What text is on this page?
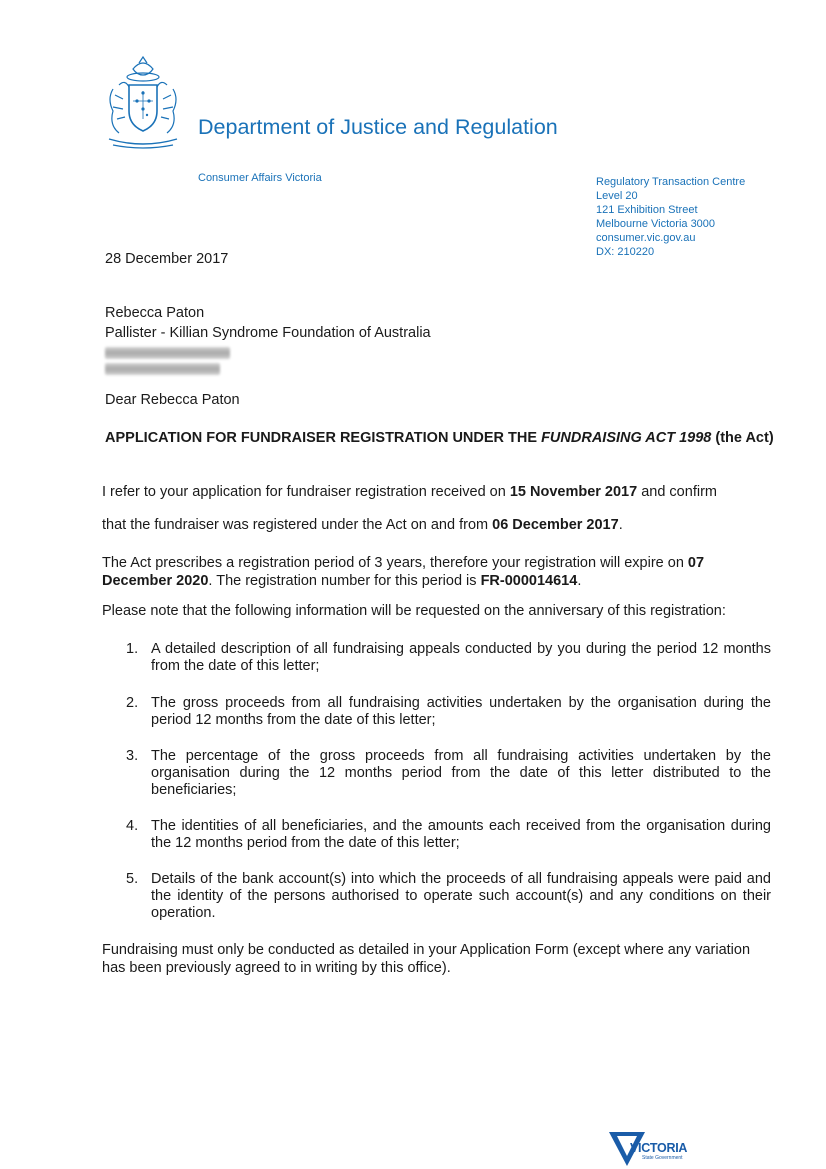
Department of Justice and Regulation
Consumer Affairs Victoria	Regulatory Transaction Centre
Level 20
121 Exhibition Street
Melbourne Victoria 3000
consumer.vic.gov.au
DX: 210220
28 December 2017
Rebecca Paton
Pallister - Killian Syndrome Foundation of Australia
Dear Rebecca Paton
APPLICATION FOR FUNDRAISER REGISTRATION UNDER THE FUNDRAISING ACT 1998 (the Act)
I refer to your application for fundraiser registration received on 15 November 2017 and confirm
that the fundraiser was registered under the Act on and from 06 December 2017.
The Act prescribes a registration period of 3 years, therefore your registration will expire on 07 December 2020. The registration number for this period is FR-000014614.
Please note that the following information will be requested on the anniversary of this registration:
1. A detailed description of all fundraising appeals conducted by you during the period 12 months from the date of this letter;
2. The gross proceeds from all fundraising activities undertaken by the organisation during the period 12 months from the date of this letter;
3. The percentage of the gross proceeds from all fundraising activities undertaken by the organisation during the 12 months period from the date of this letter distributed to the beneficiaries;
4. The identities of all beneficiaries, and the amounts each received from the organisation during the 12 months period from the date of this letter;
5. Details of the bank account(s) into which the proceeds of all fundraising appeals were paid and the identity of the persons authorised to operate such account(s) and any conditions on their operation.
Fundraising must only be conducted as detailed in your Application Form (except where any variation has been previously agreed to in writing by this office).
VICTORIA
State Government
